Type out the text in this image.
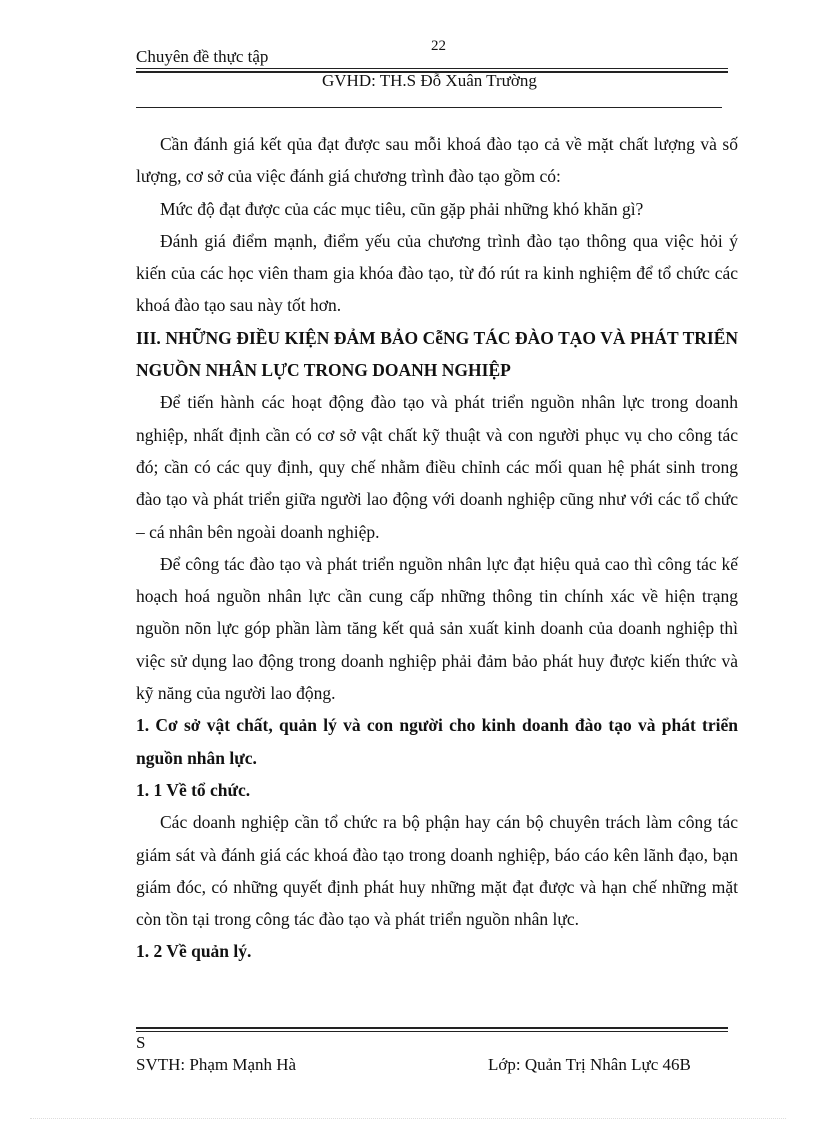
22
Chuyên đề thực tập
GVHD: TH.S Đỗ Xuân Trường

Cần đánh giá kết qủa đạt được sau mỗi khoá đào tạo cả về mặt chất lượng và số lượng, cơ sở của việc đánh giá chương trình đào tạo gồm có:

Mức độ đạt được của các mục tiêu, cũn gặp phải những khó khăn gì?

Đánh giá điểm mạnh, điểm yếu của chương trình đào tạo thông qua việc hỏi ý kiến của các học viên tham gia khóa đào tạo, từ đó rút ra kinh nghiệm để tổ chức các khoá đào tạo sau này tốt hơn.

III. NHỮNG ĐIỀU KIỆN ĐẢM BẢO CễNG TÁC ĐÀO TẠO VÀ PHÁT TRIỂN NGUỒN NHÂN LỰC TRONG DOANH NGHIỆP

Để tiến hành các hoạt động đào tạo và phát triển nguồn nhân lực trong doanh nghiệp, nhất định cần có cơ sở vật chất kỹ thuật và con người phục vụ cho công tác đó; cần có các quy định, quy chế nhằm điều chỉnh các mối quan hệ phát sinh trong đào tạo và phát triển giữa người lao động với doanh nghiệp cũng như với các tổ chức – cá nhân bên ngoài doanh nghiệp.

Để công tác đào tạo và phát triển nguồn nhân lực đạt hiệu quả cao thì công tác kế hoạch hoá nguồn nhân lực cần cung cấp những thông tin chính xác về hiện trạng nguồn nõn lực góp phần làm tăng kết quả sản xuất kinh doanh của doanh nghiệp thì việc sử dụng lao động trong doanh nghiệp phải đảm bảo phát huy được kiến thức và kỹ năng của người lao động.

1. Cơ sở vật chất, quản lý và con người cho kinh doanh đào tạo và phát triển nguồn nhân lực.

1. 1 Về tổ chức.

Các doanh nghiệp cần tổ chức ra bộ phận hay cán bộ chuyên trách làm công tác giám sát và đánh giá các khoá đào tạo trong doanh nghiệp, báo cáo kên lãnh đạo, bạn giám đóc, có những quyết định phát huy những mặt đạt được và hạn chế những mặt còn tồn tại trong công tác đào tạo và phát triển nguồn nhân lực.

1. 2 Về quản lý.

S
SVTH: Phạm Mạnh Hà	Lớp: Quản Trị Nhân Lực 46B
